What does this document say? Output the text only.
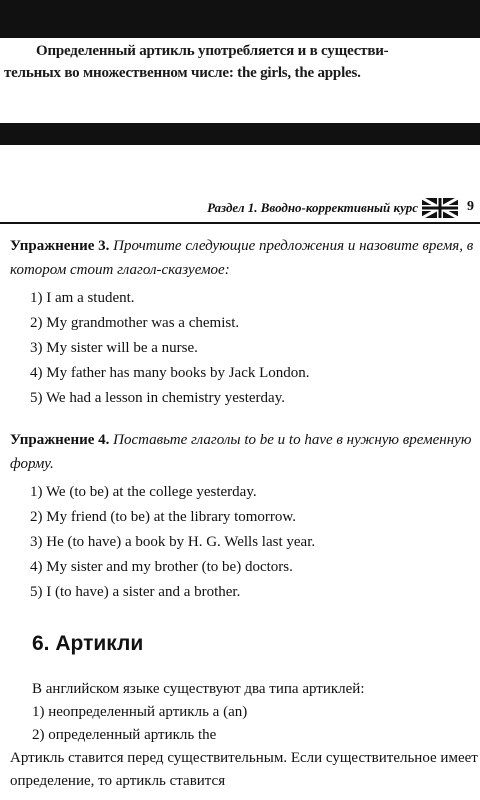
Определенный артикль употребляется и в существи-
тельных во множественном числе: the girls, the apples.
Раздел 1. Вводно-коррективный курс	9
Упражнение 3. Прочтите следующие предложения и назовите время, в котором стоит глагол-сказуемое:
1) I am a student.
2) My grandmother was a chemist.
3) My sister will be a nurse.
4) My father has many books by Jack London.
5) We had a lesson in chemistry yesterday.
Упражнение 4. Поставьте глаголы to be и to have в нужную временную форму.
1) We (to be) at the college yesterday.
2) My friend (to be) at the library tomorrow.
3) He (to have) a book by H. G. Wells last year.
4) My sister and my brother (to be) doctors.
5) I (to have) a sister and a brother.
6. Артикли

В английском языке существуют два типа артиклей:

1) неопределенный артикль a (an)

2) определенный артикль the

Артикль ставится перед существительным. Если существительное имеет определение, то артикль ставится
